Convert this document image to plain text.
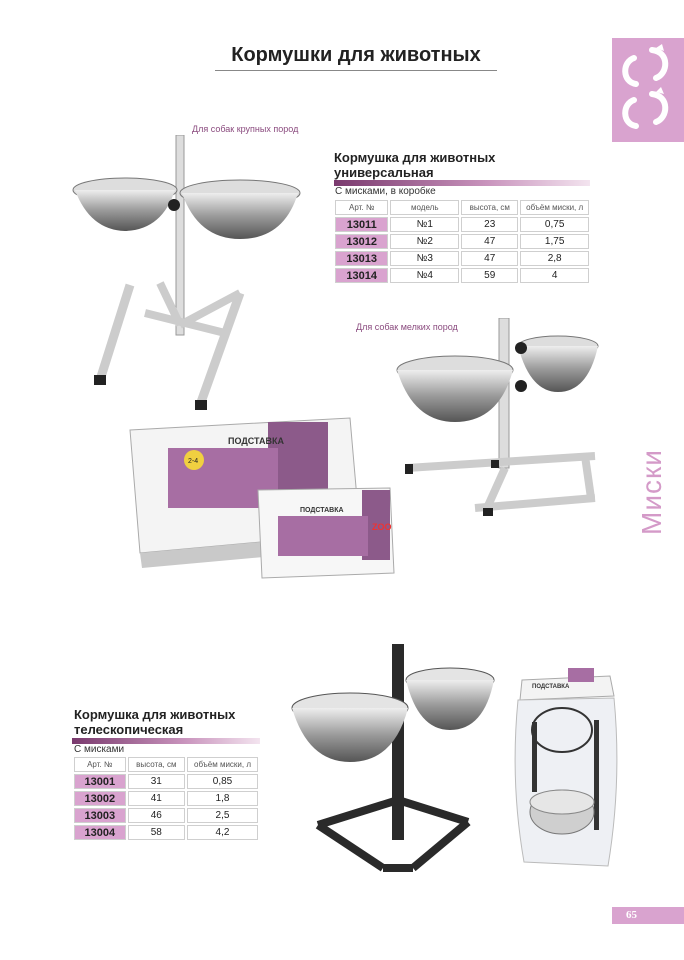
Кормушки для животных
Миски
Для собак крупных пород
Для собак мелких пород
Кормушка для животных
универсальная
С мисками, в коробке
Арт. №	модель	высота, см	объём миски, л
13011	№1	23	0,75
13012	№2	47	1,75
13013	№3	47	2,8
13014	№4	59	4
2-4
ПОДСТАВКА
ПОДСТАВКА
ZOO
Кормушка для животных
телескопическая
С мисками
Арт. №	высота, см	объём миски, л
13001	31	0,85
13002	41	1,8
13003	46	2,5
13004	58	4,2
ПОДСТАВКА
65
